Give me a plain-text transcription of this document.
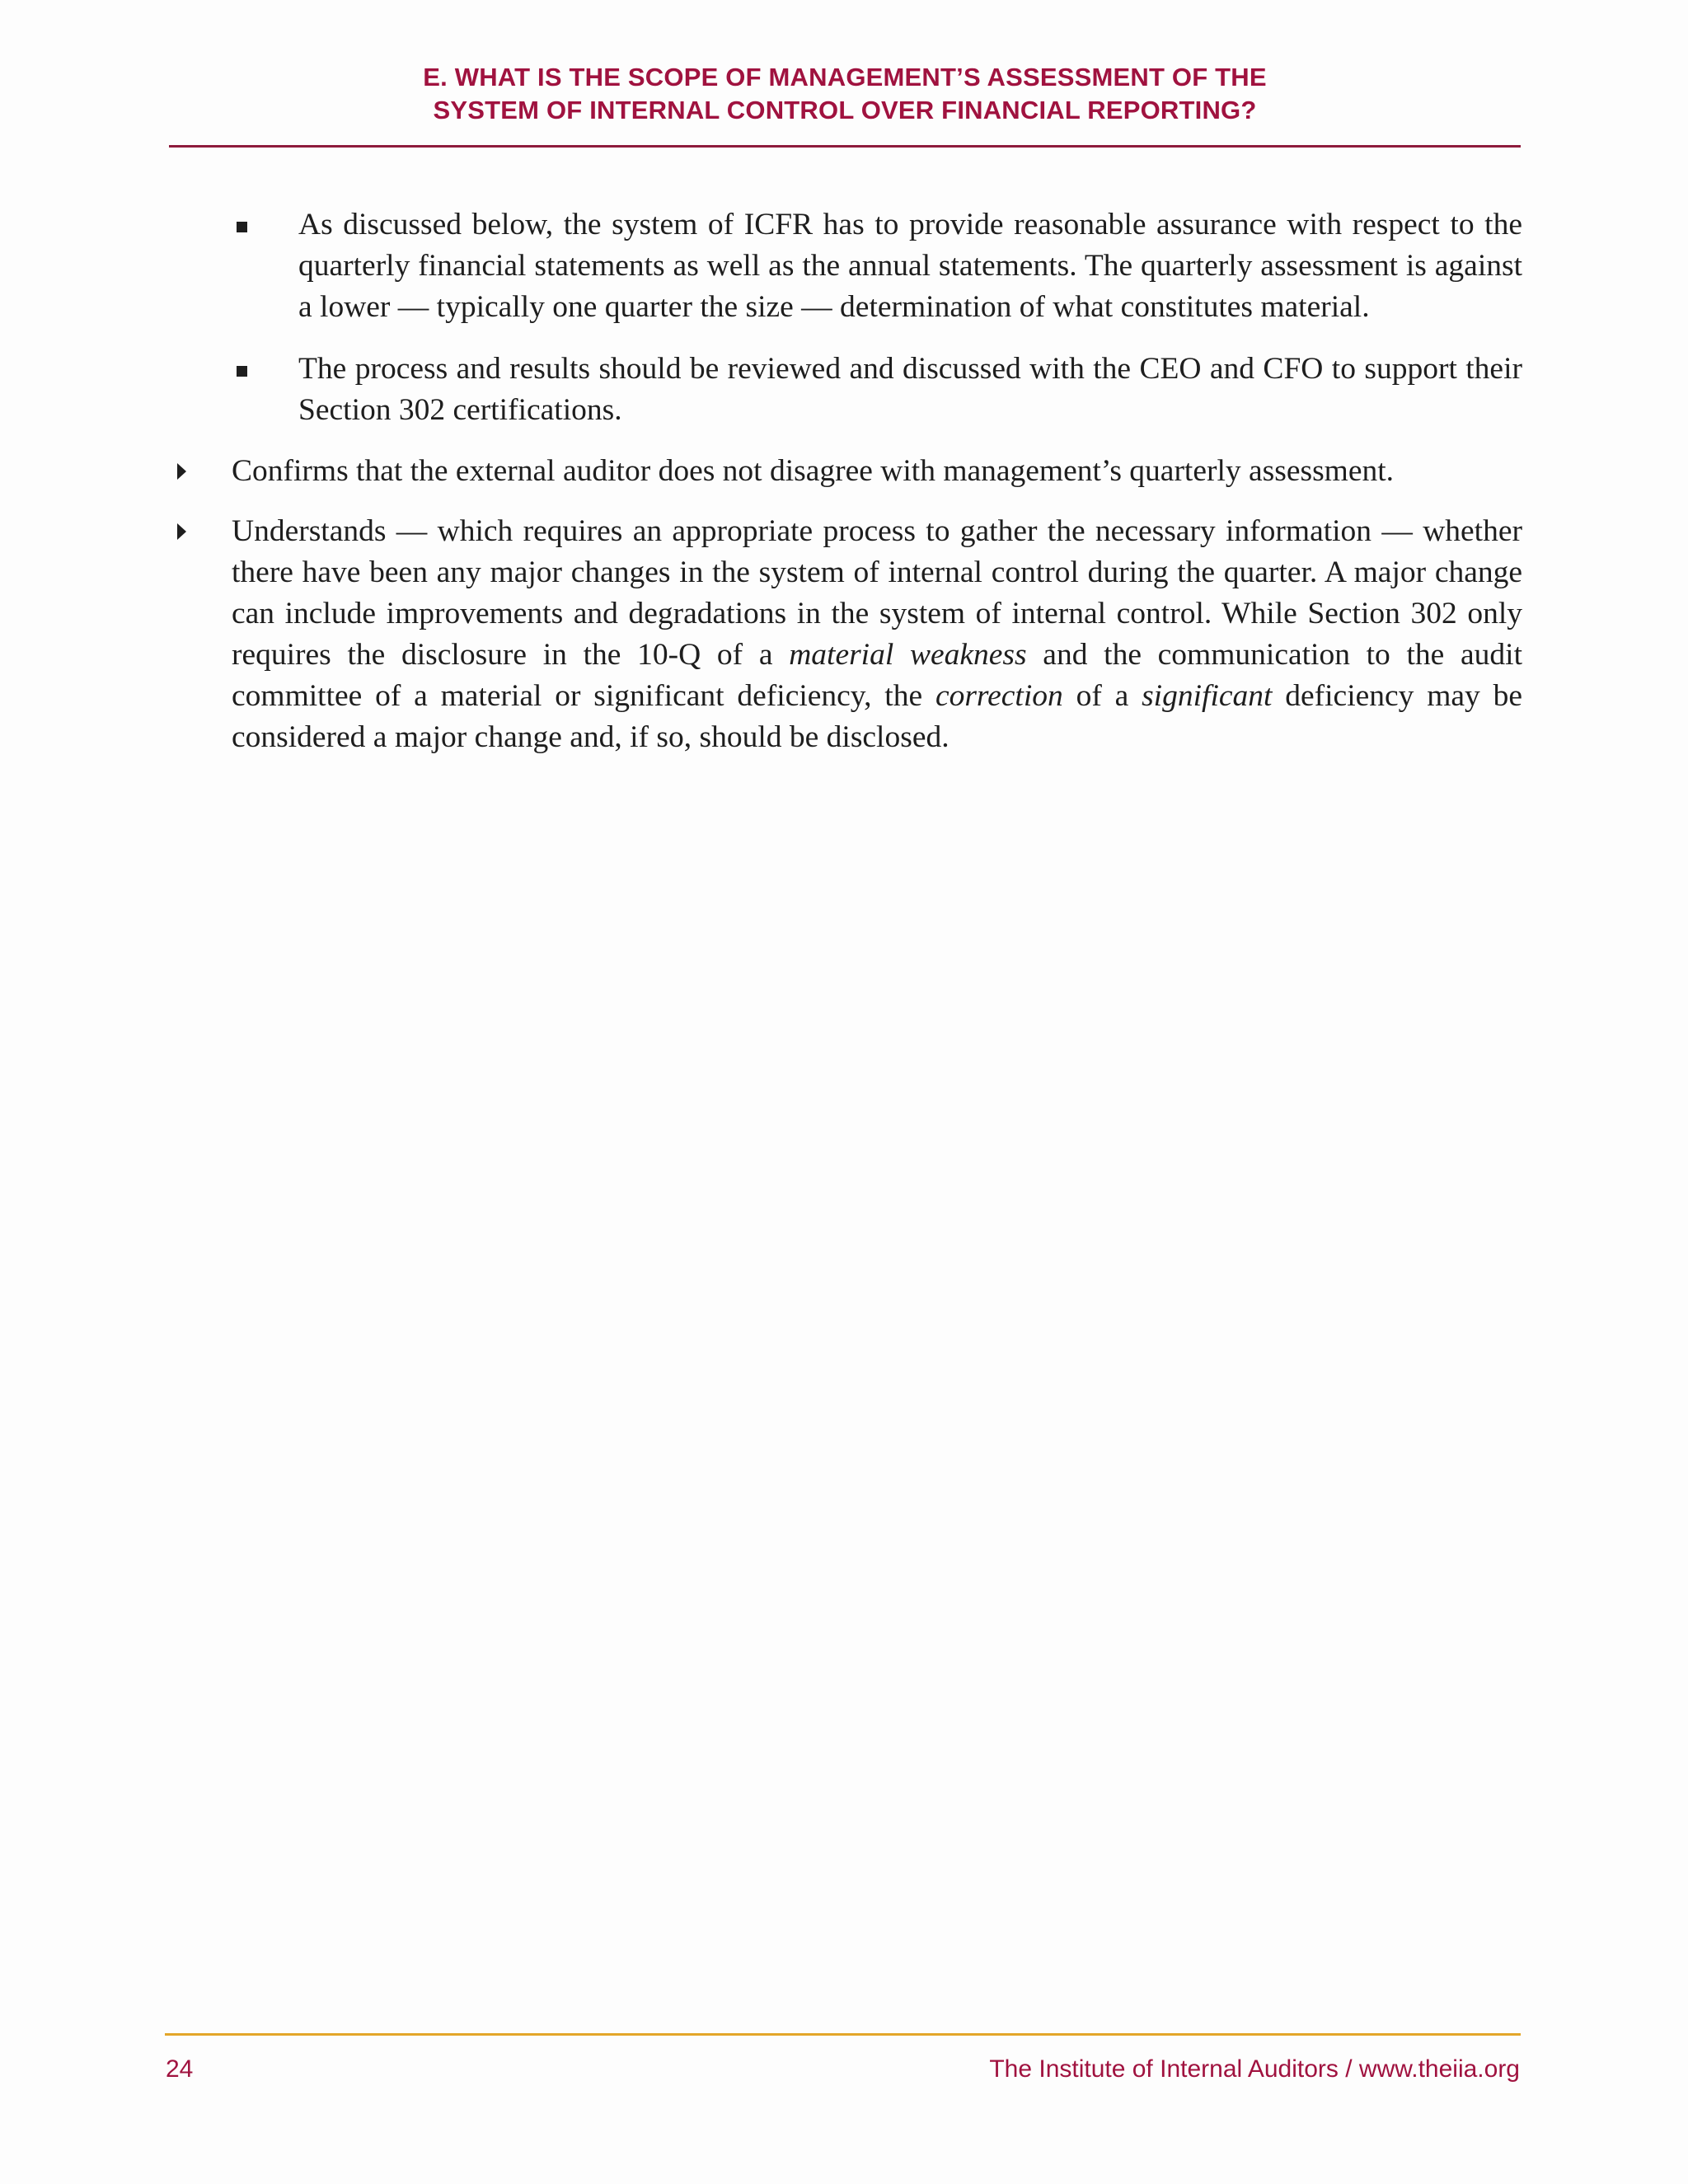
E. WHAT IS THE SCOPE OF MANAGEMENT’S ASSESSMENT OF THE
SYSTEM OF INTERNAL CONTROL OVER FINANCIAL REPORTING?
As discussed below, the system of ICFR has to provide reasonable assurance with respect to the quarterly financial statements as well as the annual statements. The quarterly assessment is against a lower — typically one quarter the size — determination of what constitutes material.
The process and results should be reviewed and discussed with the CEO and CFO to support their Section 302 certifications.
Confirms that the external auditor does not disagree with management’s quarterly assessment.
Understands — which requires an appropriate process to gather the necessary information — whether there have been any major changes in the system of internal control during the quarter. A major change can include improvements and degradations in the system of internal control. While Section 302 only requires the disclosure in the 10-Q of a material weakness and the communication to the audit committee of a material or significant deficiency, the correction of a significant deficiency may be considered a major change and, if so, should be disclosed.
24	The Institute of Internal Auditors / www.theiia.org
